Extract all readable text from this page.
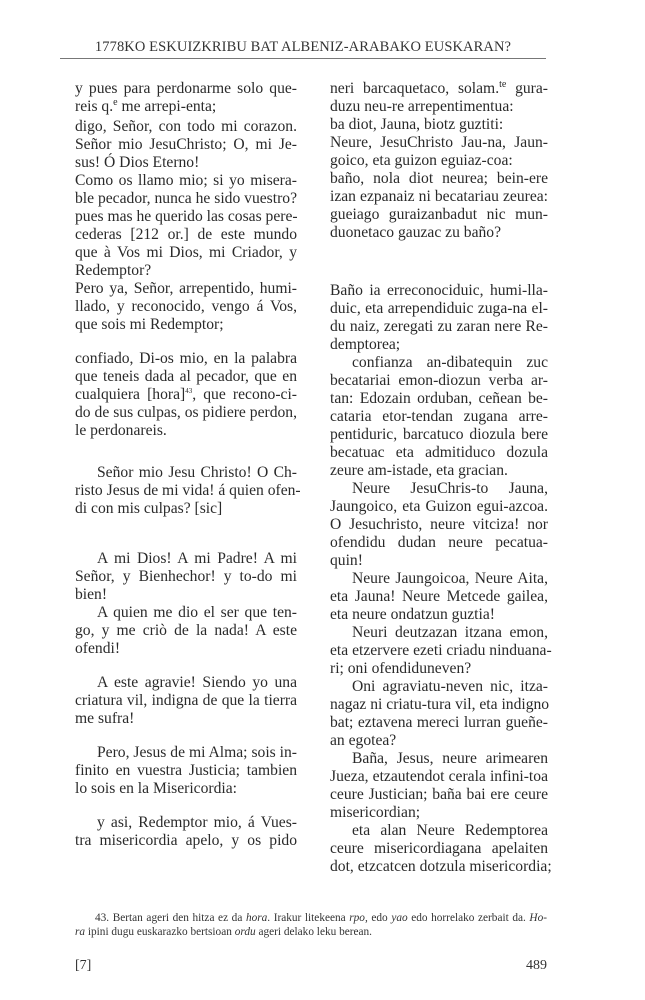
1778KO ESKUIZKRIBU BAT ALBENIZ-ARABAKO EUSKARAN?
y pues para perdonarme solo que-
reis q.$^e$ me arrepi-enta;
digo, Señor, con todo mi corazon.
Señor mio JesuChristo; O, mi Je-
sus! Ó Dios Eterno!
Como os llamo mio; si yo misera-
ble pecador, nunca he sido vuestro?
pues mas he querido las cosas pere-
cederas [212 or.] de este mundo
que à Vos mi Dios, mi Criador, y
Redemptor?
Pero ya, Señor, arrepentido, humi-
llado, y reconocido, vengo á Vos,
que sois mi Redemptor;
confiado, Di-os mio, en la palabra
que teneis dada al pecador, que en
cualquiera [hora]$^{43}$, que recono-ci-
do de sus culpas, os pidiere perdon,
le perdonareis.
Señor mio Jesu Christo! O Ch-
risto Jesus de mi vida! á quien ofen-
di con mis culpas? [sic]
A mi Dios! A mi Padre! A mi
Señor, y Bienhechor! y to-do mi
bien!
A quien me dio el ser que ten-
go, y me criò de la nada! A este
ofendi!
A este agravie! Siendo yo una
criatura vil, indigna de que la tierra
me sufra!
Pero, Jesus de mi Alma; sois in-
finito en vuestra Justicia; tambien
lo sois en la Misericordia:
y asi, Redemptor mio, á Vues-
tra misericordia apelo, y os pido
neri barcaquetaco, solam.$^{te}$ gura-
duzu neu-re arrepentimentua:
ba diot, Jauna, biotz guztiti:
Neure, JesuChristo Jau-na, Jaun-
goico, eta guizon eguiaz-coa:
baño, nola diot neurea; bein-ere
izan ezpanaiz ni becatariau zeurea:
gueiago guraizanbadut nic mun-
duonetaco gauzac zu baño?
Baño ia erreconociduic, humi-lla-
duic, eta arrependiduic zuga-na el-
du naiz, zeregati zu zaran nere Re-
demptorea;
confianza an-dibatequin zuc
becatariai emon-diozun verba ar-
tan: Edozain orduban, ceñean be-
cataria etor-tendan zugana arre-
pentiduric, barcatuco diozula bere
becatuac eta admitiduco dozula
zeure am-istade, eta gracian.
Neure JesuChris-to Jauna,
Jaungoico, eta Guizon egui-azcoa.
O Jesuchristo, neure vitciza! nor
ofendidu dudan neure pecatua-
quin!
Neure Jaungoicoa, Neure Aita,
eta Jauna! Neure Metcede gailea,
eta neure ondatzun guztia!
Neuri deutzazan itzana emon,
eta etzervere ezeti criadu ninduana-
ri; oni ofendiduneven?
Oni agraviatu-neven nic, itza-
nagaz ni criatu-tura vil, eta indigno
bat; eztavena mereci lurran gueñe-
an egotea?
Baña, Jesus, neure arimearen
Jueza, etzautendot cerala infini-toa
ceure Justician; baña bai ere ceure
misericordian;
eta alan Neure Redemptorea
ceure misericordiagana apelaiten
dot, etzcatcen dotzula misericordia;
43. Bertan ageri den hitza ez da hora. Irakur litekeena rpo, edo yao edo horrelako zerbait da. Ho-
ra ipini dugu euskarazko bertsioan ordu ageri delako leku berean.
[7]	489
